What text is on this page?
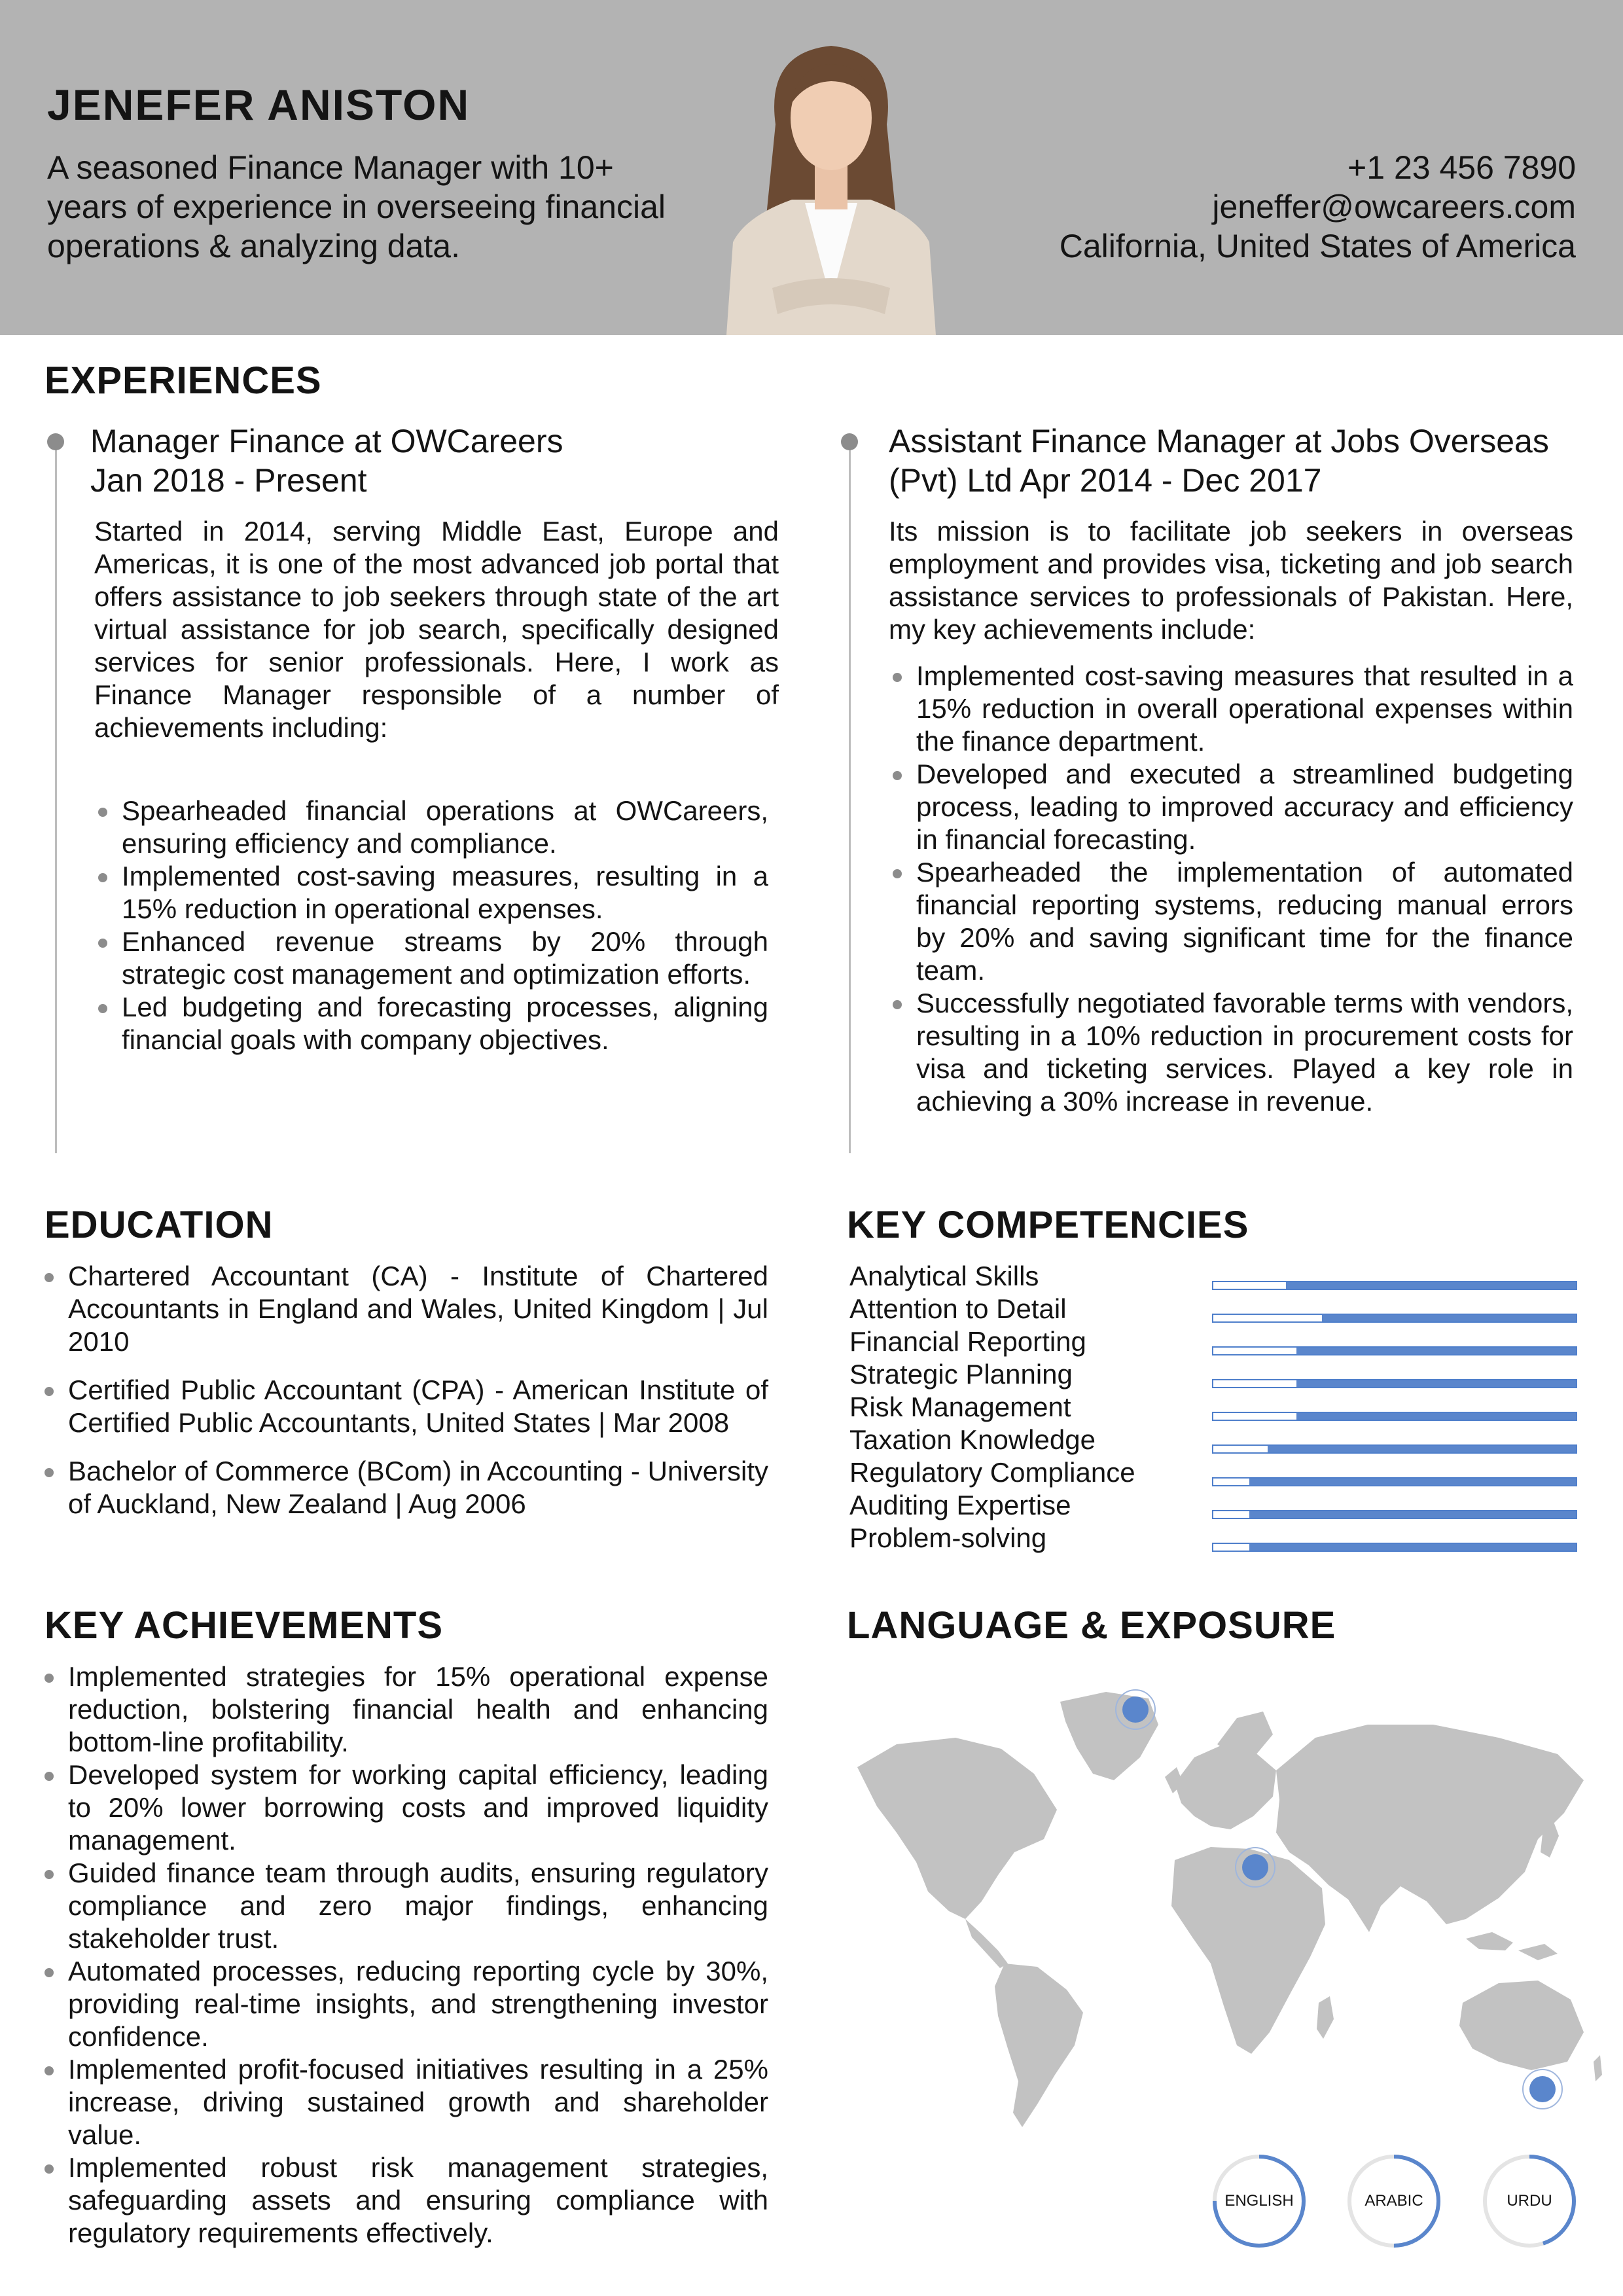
JENEFER ANISTON
A seasoned Finance Manager with 10+ years of experience in overseeing financial operations & analyzing data.
+1 23 456 7890
jeneffer@owcareers.com
California, United States of America
EXPERIENCES
Manager Finance at OWCareers
Jan 2018 - Present
Started in 2014, serving Middle East, Europe and Americas, it is one of the most advanced job portal that offers assistance to job seekers through state of the art virtual assistance for job search, specifically designed services for senior professionals. Here, I work as Finance Manager responsible of a number of achievements including:
Spearheaded financial operations at OWCareers, ensuring efficiency and compliance.
Implemented cost-saving measures, resulting in a 15% reduction in operational expenses.
Enhanced revenue streams by 20% through strategic cost management and optimization efforts.
Led budgeting and forecasting processes, aligning financial goals with company objectives.
Assistant Finance Manager at Jobs Overseas (Pvt) Ltd Apr 2014 - Dec 2017
Its mission is to facilitate job seekers in overseas employment and provides visa, ticketing and job search assistance services to professionals of Pakistan. Here, my key achievements include:
Implemented cost-saving measures that resulted in a 15% reduction in overall operational expenses within the finance department.
Developed and executed a streamlined budgeting process, leading to improved accuracy and efficiency in financial forecasting.
Spearheaded the implementation of automated financial reporting systems, reducing manual errors by 20% and saving significant time for the finance team.
Successfully negotiated favorable terms with vendors, resulting in a 10% reduction in procurement costs for visa and ticketing services. Played a key role in achieving a 30% increase in revenue.
EDUCATION
Chartered Accountant (CA) - Institute of Chartered Accountants in England and Wales, United Kingdom | Jul 2010
Certified Public Accountant (CPA) - American Institute of Certified Public Accountants, United States | Mar 2008
Bachelor of Commerce (BCom) in Accounting - University of Auckland, New Zealand | Aug 2006
KEY COMPETENCIES
Analytical Skills
Attention to Detail
Financial Reporting
Strategic Planning
Risk Management
Taxation Knowledge
Regulatory Compliance
Auditing Expertise
Problem-solving
KEY ACHIEVEMENTS
Implemented strategies for 15% operational expense reduction, bolstering financial health and enhancing bottom-line profitability.
Developed system for working capital efficiency, leading to 20% lower borrowing costs and improved liquidity management.
Guided finance team through audits, ensuring regulatory compliance and zero major findings, enhancing stakeholder trust.
Automated processes, reducing reporting cycle by 30%, providing real-time insights, and strengthening investor confidence.
Implemented profit-focused initiatives resulting in a 25% increase, driving sustained growth and shareholder value.
Implemented robust risk management strategies, safeguarding assets and ensuring compliance with regulatory requirements effectively.
LANGUAGE & EXPOSURE
ENGLISH	ARABIC	URDU
